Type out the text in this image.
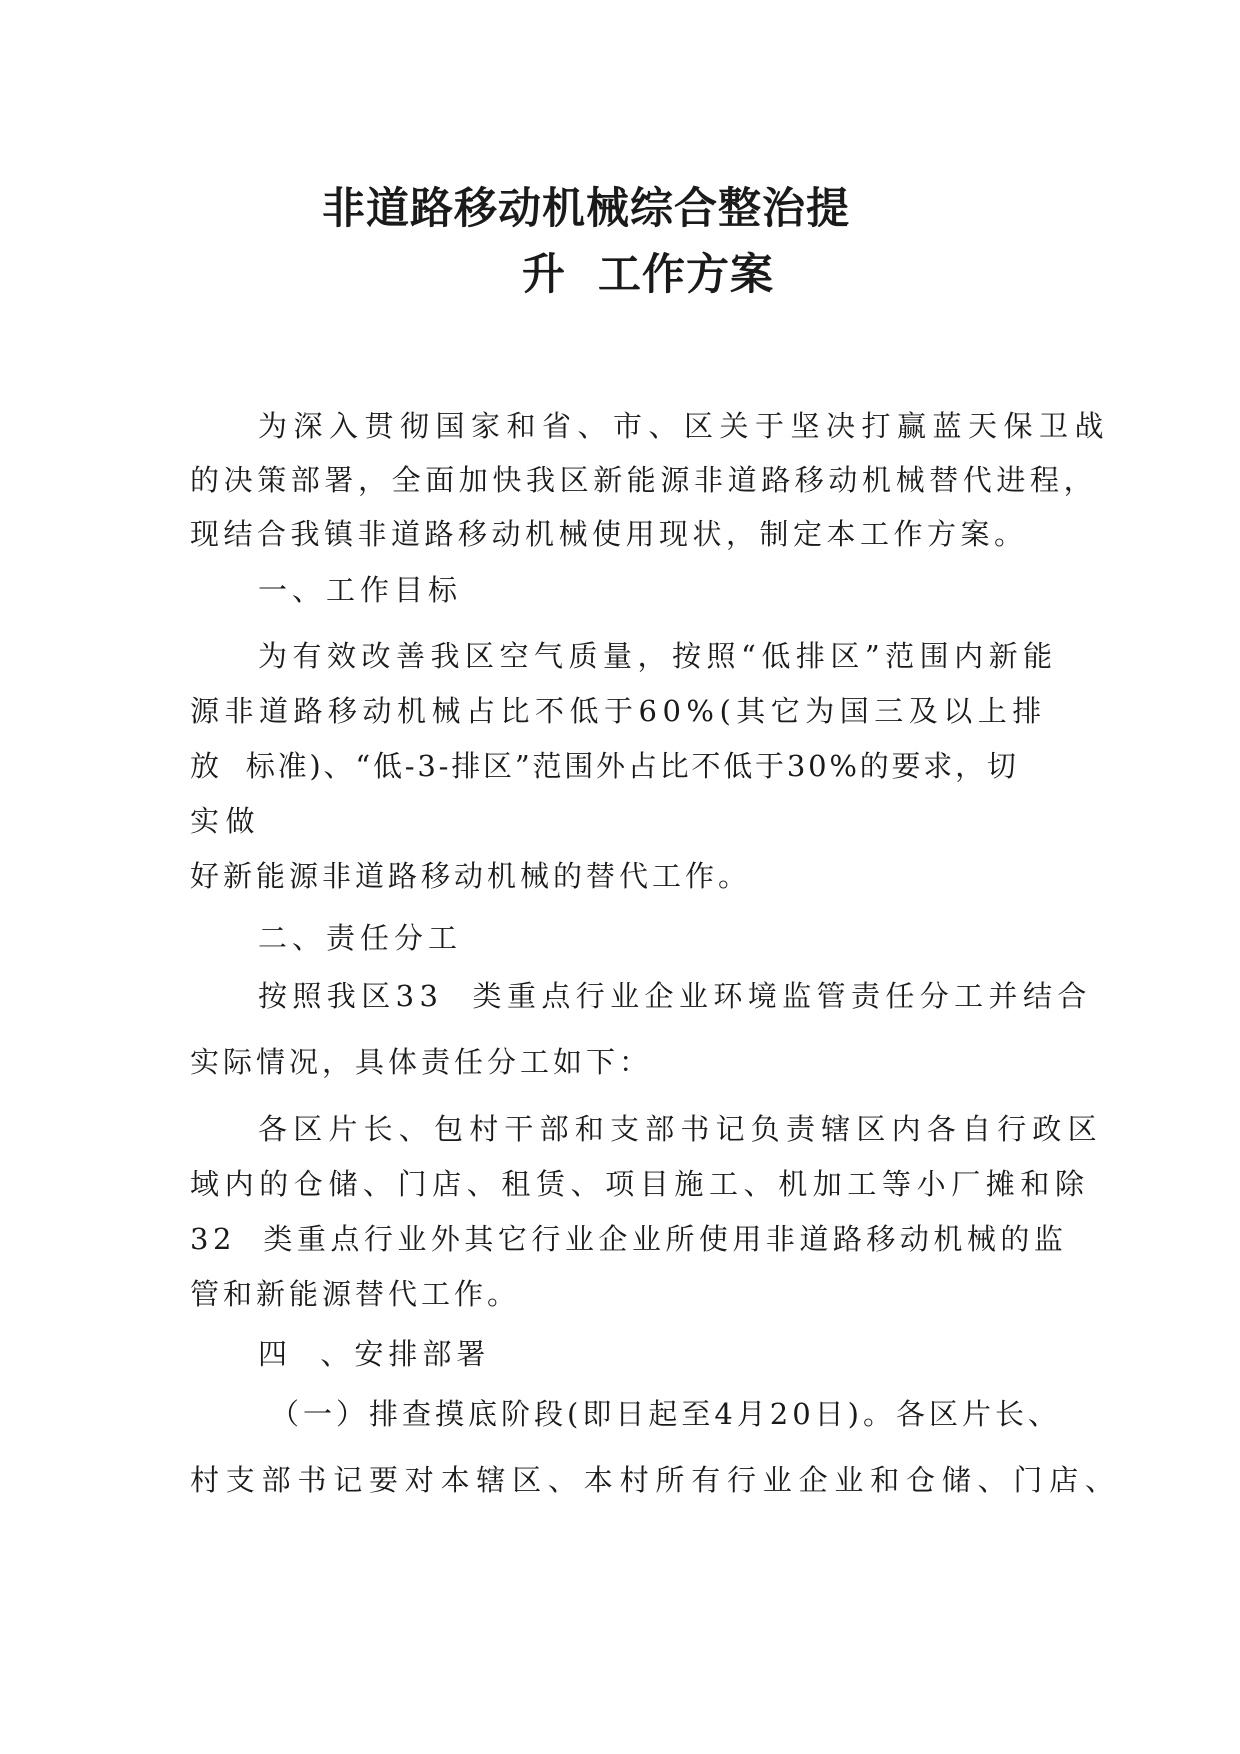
非道路移动机械综合整治提
升  工作方案
为深入贯彻国家和省、市、区关于坚决打赢蓝天保卫战
的决策部署，全面加快我区新能源非道路移动机械替代进程，
现结合我镇非道路移动机械使用现状，制定本工作方案。
一、工作目标
为有效改善我区空气质量，按照“低排区”范围内新能
源非道路移动机械占比不低于60%(其它为国三及以上排
放  标准)、“低-3-排区”范围外占比不低于30%的要求，切
实做
好新能源非道路移动机械的替代工作。
二、责任分工
按照我区33  类重点行业企业环境监管责任分工并结合
实际情况，具体责任分工如下：
各区片长、包村干部和支部书记负责辖区内各自行政区
域内的仓储、门店、租赁、项目施工、机加工等小厂摊和除
32  类重点行业外其它行业企业所使用非道路移动机械的监
管和新能源替代工作。
四  、安排部署
（一）排查摸底阶段(即日起至4月20日)。各区片长、
村支部书记要对本辖区、本村所有行业企业和仓储、门店、
